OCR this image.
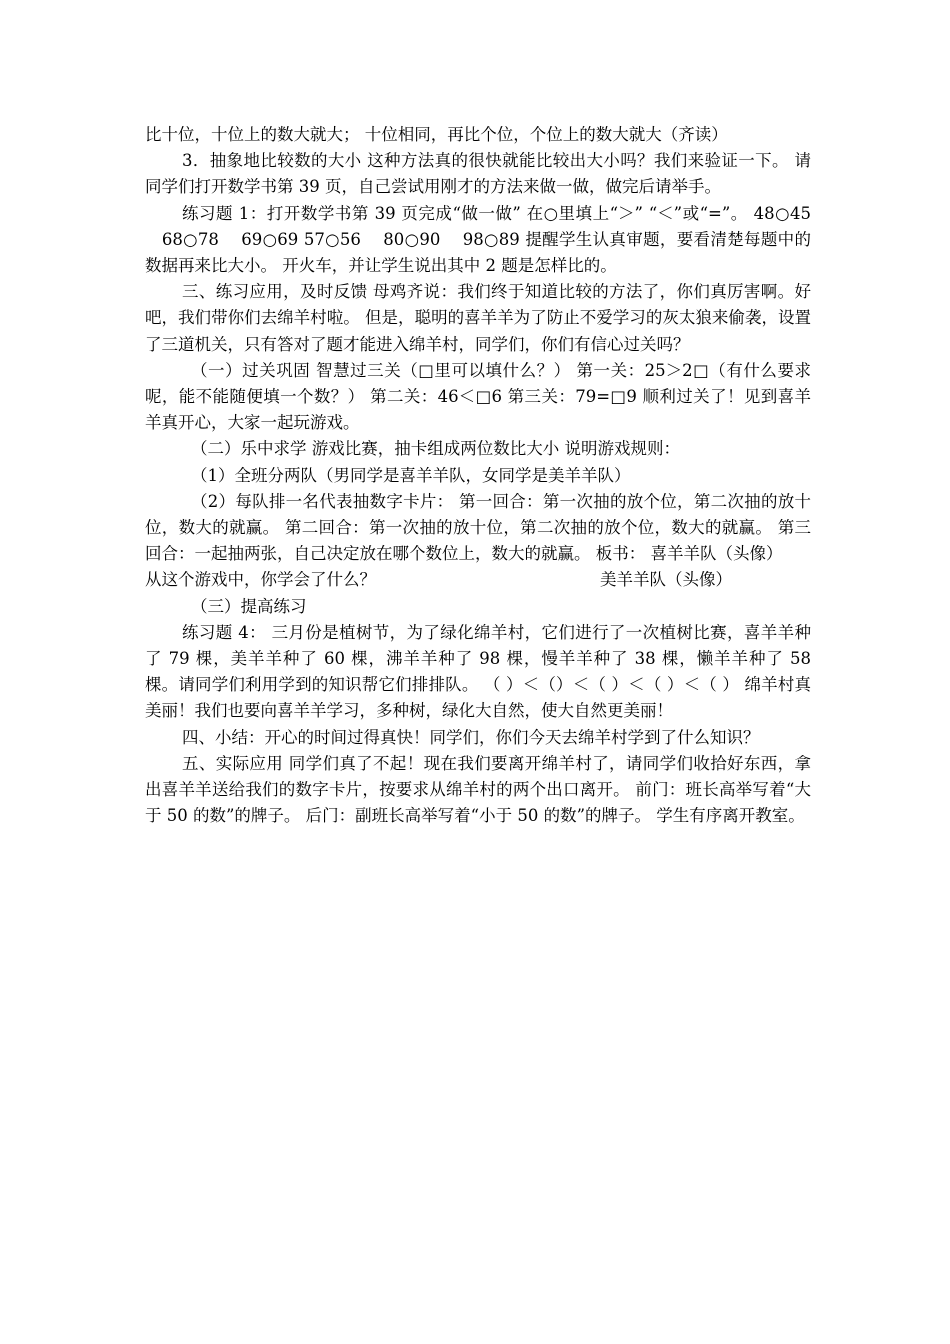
比十位，十位上的数大就大； 十位相同，再比个位，个位上的数大就大（齐读）

3．抽象地比较数的大小 这种方法真的很快就能比较出大小吗？我们来验证一下。 请同学们打开数学书第 39 页，自己尝试用刚才的方法来做一做，做完后请举手。

练习题 1：打开数学书第 39 页完成“做一做” 在○里填上“＞” “＜”或“=”。 48○45 　68○78 　69○69 57○56 　80○90 　98○89 提醒学生认真审题，要看清楚每题中的数据再来比大小。 开火车，并让学生说出其中 2 题是怎样比的。

三、练习应用，及时反馈 母鸡齐说：我们终于知道比较的方法了，你们真厉害啊。好吧，我们带你们去绵羊村啦。 但是，聪明的喜羊羊为了防止不爱学习的灰太狼来偷袭，设置了三道机关，只有答对了题才能进入绵羊村，同学们，你们有信心过关吗？

（一）过关巩固 智慧过三关（□里可以填什么？） 第一关：25＞2□（有什么要求呢，能不能随便填一个数？） 第二关：46＜□6 第三关：79=□9 顺利过关了！见到喜羊羊真开心，大家一起玩游戏。

（二）乐中求学 游戏比赛，抽卡组成两位数比大小 说明游戏规则：

（1）全班分两队（男同学是喜羊羊队，女同学是美羊羊队）

（2）每队排一名代表抽数字卡片： 第一回合：第一次抽的放个位，第二次抽的放十位，数大的就赢。 第二回合：第一次抽的放十位，第二次抽的放个位，数大的就赢。 第三回合：一起抽两张，自己决定放在哪个数位上，数大的就赢。 板书： 喜羊羊队（头像）

美羊羊队（头像）

从这个游戏中，你学会了什么？

（三）提高练习

练习题 4： 三月份是植树节，为了绿化绵羊村，它们进行了一次植树比赛，喜羊羊种了 79 棵，美羊羊种了 60 棵，沸羊羊种了 98 棵，慢羊羊种了 38 棵，懒羊羊种了 58 棵。请同学们利用学到的知识帮它们排排队。 （ ）＜（）＜（ ）＜（ ）＜（ ） 绵羊村真美丽！我们也要向喜羊羊学习，多种树，绿化大自然，使大自然更美丽！

四、小结：开心的时间过得真快！同学们，你们今天去绵羊村学到了什么知识？

五、实际应用 同学们真了不起！现在我们要离开绵羊村了，请同学们收拾好东西，拿出喜羊羊送给我们的数字卡片，按要求从绵羊村的两个出口离开。 前门：班长高举写着“大于 50 的数”的牌子。 后门：副班长高举写着“小于 50 的数”的牌子。 学生有序离开教室。
